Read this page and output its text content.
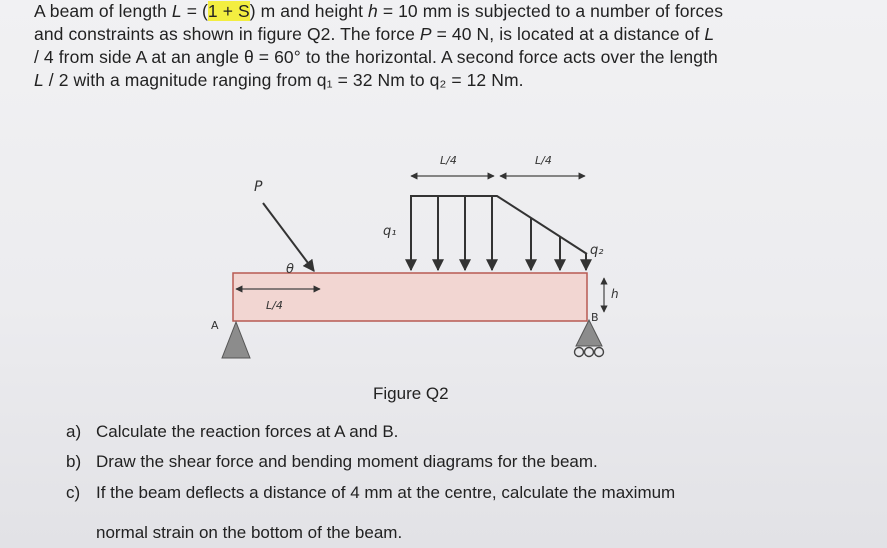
A beam of length L = (1 + S) m and height h = 10 mm is subjected to a number of forces
and constraints as shown in figure Q2. The force P = 40 N, is located at a distance of L
/ 4 from side A at an angle θ = 60° to the horizontal. A second force acts over the length
L / 2 with a magnitude ranging from q₁ = 32 Nm to q₂ = 12 Nm.
P
θ
q₁
q₂
h
A
B
L/4
L/4	L/4
Figure Q2
a) Calculate the reaction forces at A and B.
b) Draw the shear force and bending moment diagrams for the beam.
c) If the beam deflects a distance of 4 mm at the centre, calculate the maximum
normal strain on the bottom of the beam.
